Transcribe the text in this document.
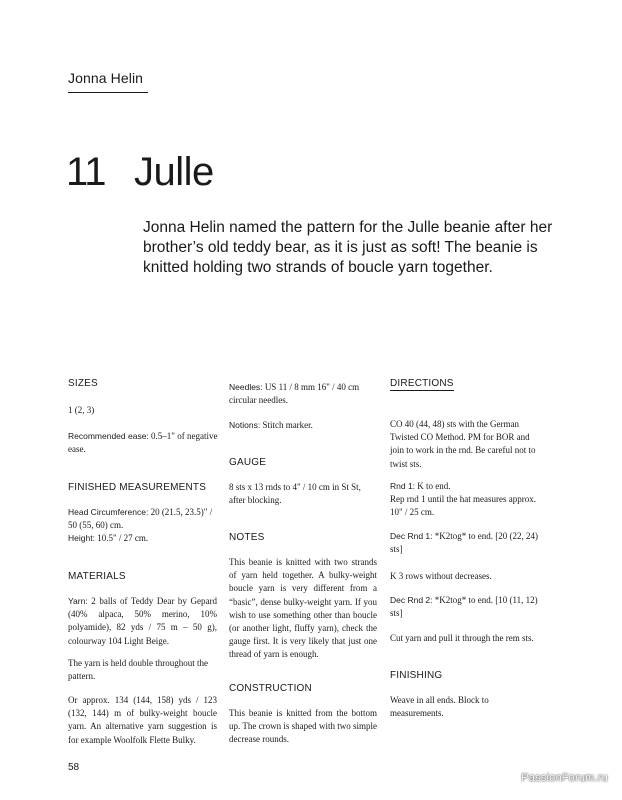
Jonna Helin
11 Julle
Jonna Helin named the pattern for the Julle beanie after her brother’s old teddy bear, as it is just as soft! The beanie is knitted holding two strands of boucle yarn together.
SIZES
1 (2, 3)
Recommended ease: 0.5–1" of negative ease.
FINISHED MEASUREMENTS
Head Circumference: 20 (21.5, 23.5)" / 50 (55, 60) cm.
Height: 10.5" / 27 cm.
MATERIALS
Yarn: 2 balls of Teddy Dear by Gepard (40% alpaca, 50% merino, 10% polyamide), 82 yds / 75 m – 50 g), colourway 104 Light Beige.
The yarn is held double throughout the pattern.
Or approx. 134 (144, 158) yds / 123 (132, 144) m of bulky-weight boucle yarn. An alternative yarn suggestion is for example Woolfolk Flette Bulky.
Needles: US 11 / 8 mm 16" / 40 cm circular needles.
Notions: Stitch marker.
GAUGE
8 sts x 13 rnds to 4" / 10 cm in St St, after blocking.
NOTES
This beanie is knitted with two strands of yarn held together. A bulky-weight boucle yarn is very different from a “basic”, dense bulky-weight yarn. If you wish to use something other than boucle (or another light, fluffy yarn), check the gauge first. It is very likely that just one thread of yarn is enough.
CONSTRUCTION
This beanie is knitted from the bottom up. The crown is shaped with two simple decrease rounds.
DIRECTIONS
CO 40 (44, 48) sts with the German Twisted CO Method. PM for BOR and join to work in the rnd. Be careful not to twist sts.
Rnd 1: K to end.
Rep rnd 1 until the hat measures approx. 10" / 25 cm.
Dec Rnd 1: *K2tog* to end. [20 (22, 24) sts]
K 3 rows without decreases.
Dec Rnd 2: *K2tog* to end. [10 (11, 12) sts]
Cut yarn and pull it through the rem sts.
FINISHING
Weave in all ends. Block to measurements.
58
PassionForum.ru
